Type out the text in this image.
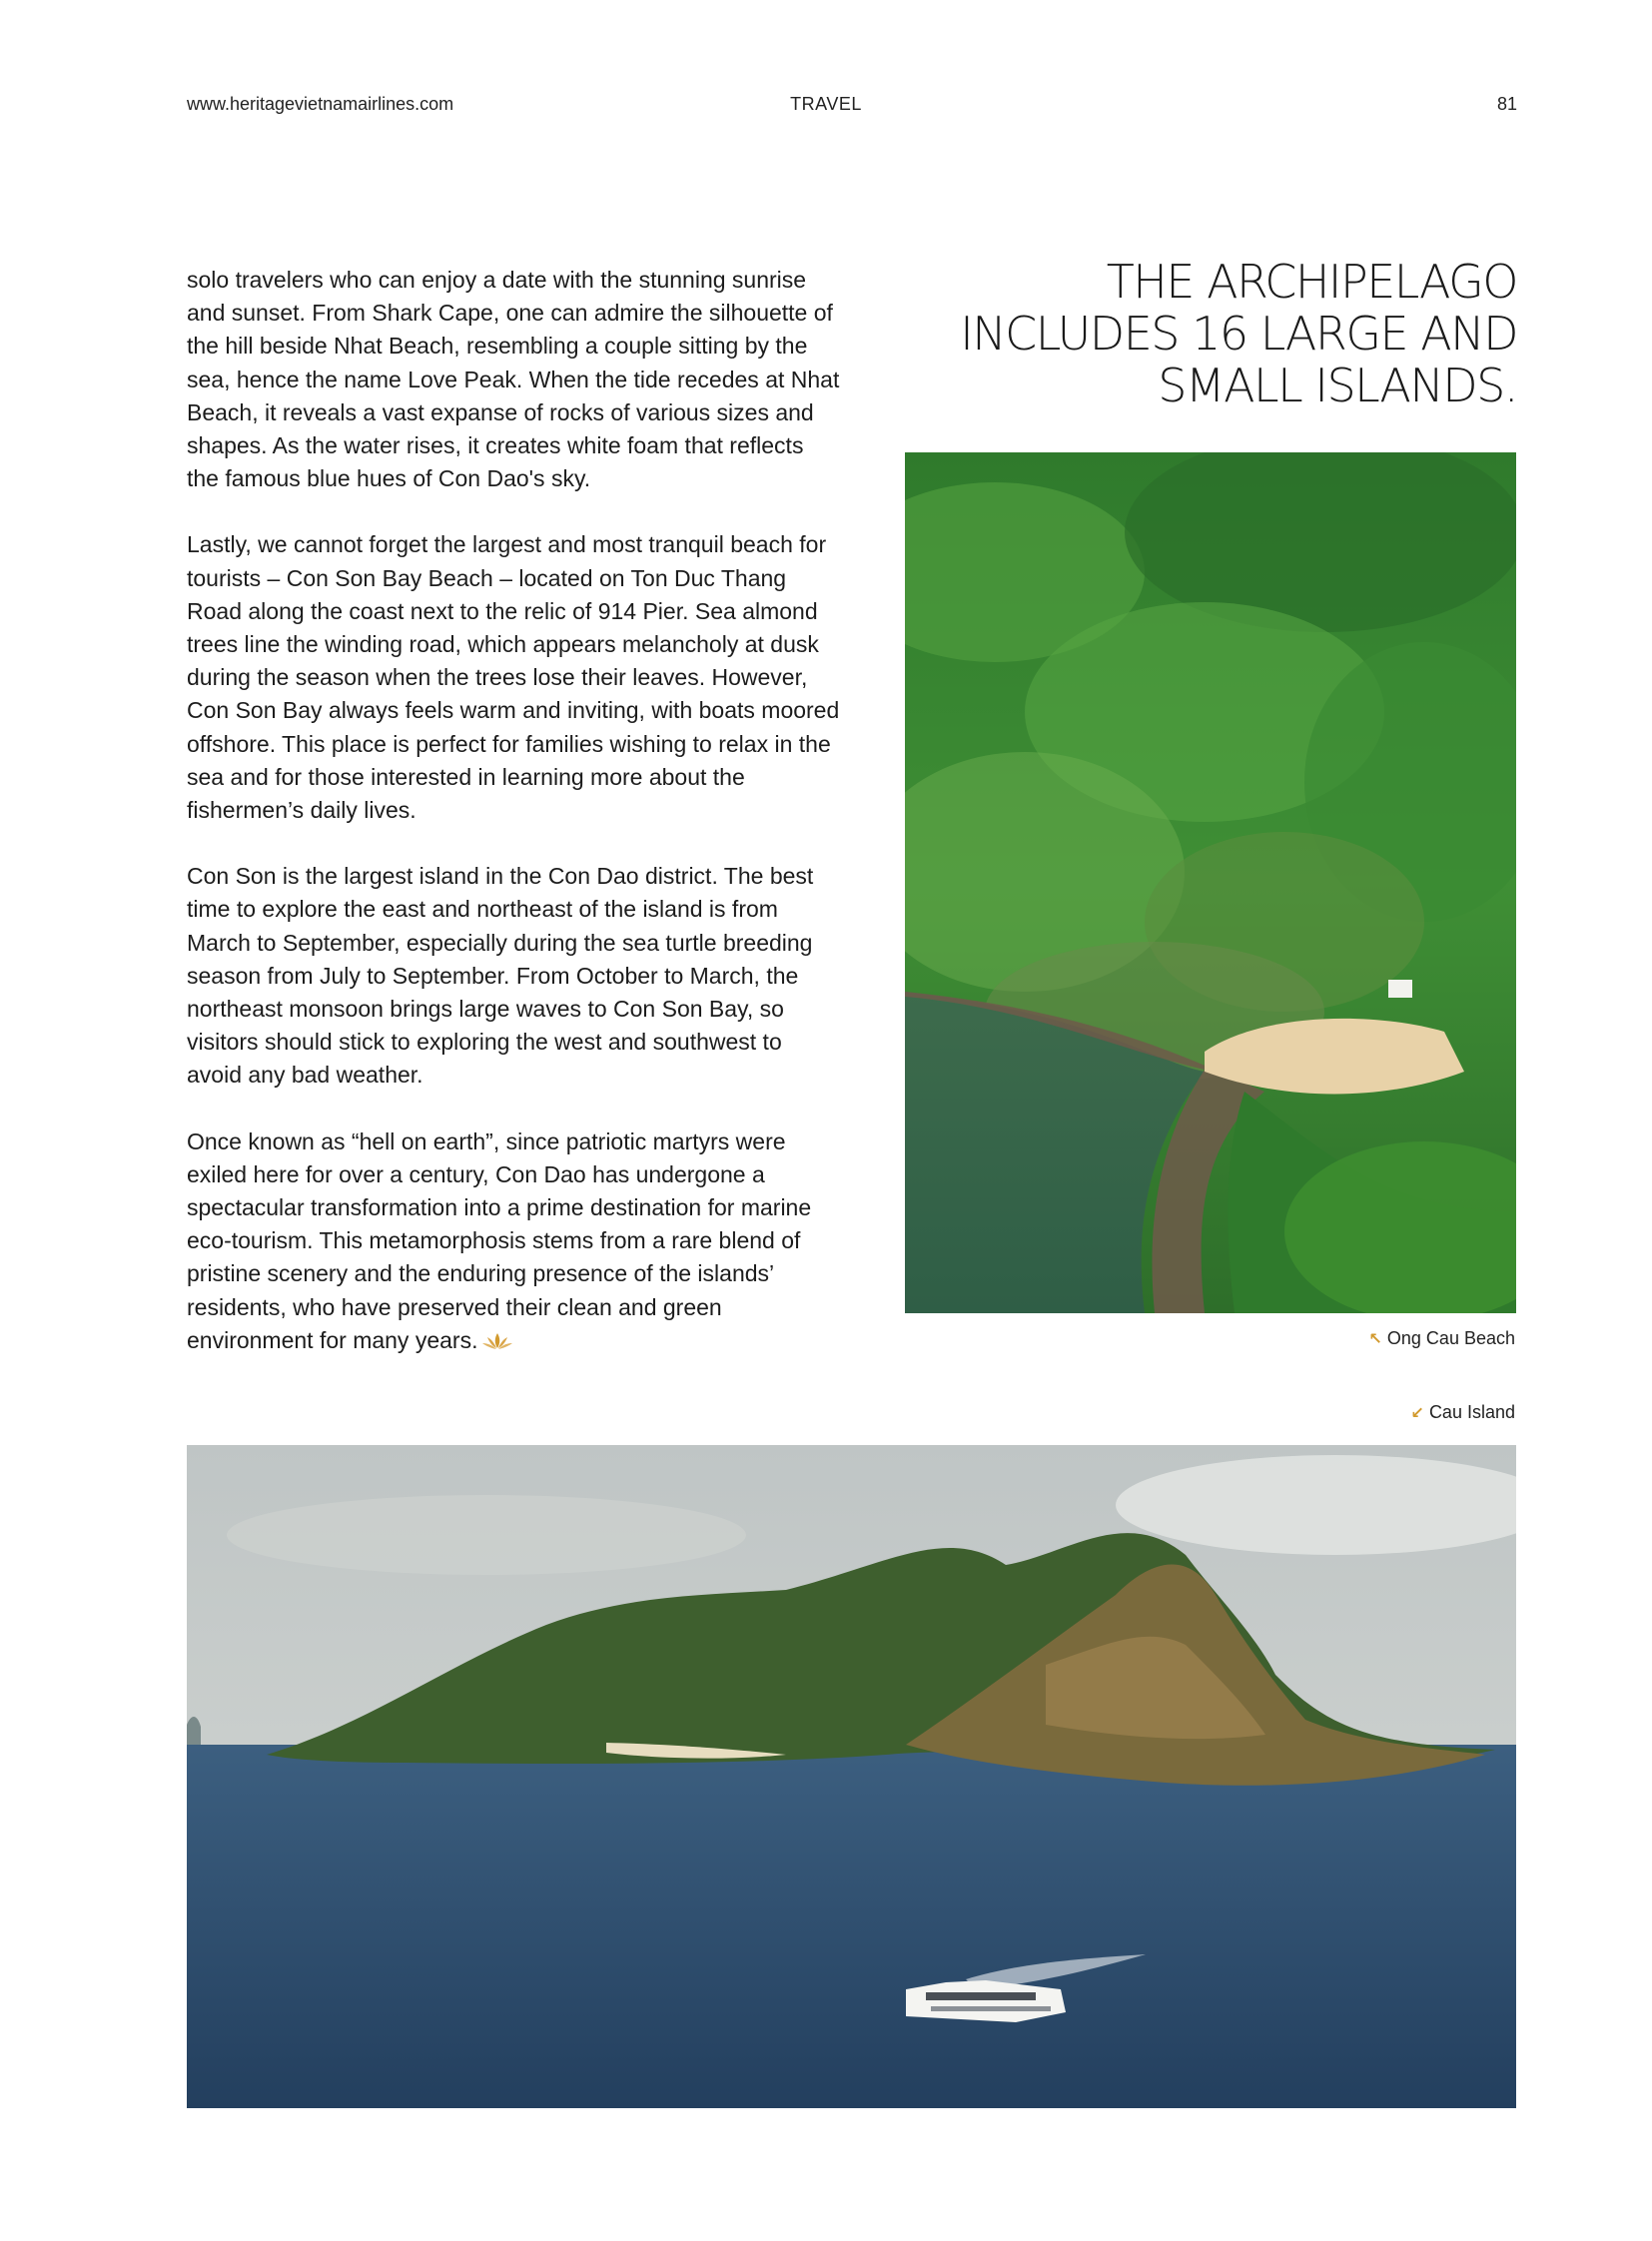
www.heritagevietnamairlines.com	TRAVEL	81

solo travelers who can enjoy a date with the stunning sunrise and sunset. From Shark Cape, one can admire the silhouette of the hill beside Nhat Beach, resembling a couple sitting by the sea, hence the name Love Peak. When the tide recedes at Nhat Beach, it reveals a vast expanse of rocks of various sizes and shapes. As the water rises, it creates white foam that reflects the famous blue hues of Con Dao's sky.

Lastly, we cannot forget the largest and most tranquil beach for tourists – Con Son Bay Beach – located on Ton Duc Thang Road along the coast next to the relic of 914 Pier. Sea almond trees line the winding road, which appears melancholy at dusk during the season when the trees lose their leaves. However, Con Son Bay always feels warm and inviting, with boats moored offshore. This place is perfect for families wishing to relax in the sea and for those interested in learning more about the fishermen’s daily lives.

Con Son is the largest island in the Con Dao district. The best time to explore the east and northeast of the island is from March to September, especially during the sea turtle breeding season from July to September. From October to March, the northeast monsoon brings large waves to Con Son Bay, so visitors should stick to exploring the west and southwest to avoid any bad weather.

Once known as “hell on earth”, since patriotic martyrs were exiled here for over a century, Con Dao has undergone a spectacular transformation into a prime destination for marine eco-tourism. This metamorphosis stems from a rare blend of pristine scenery and the enduring presence of the islands’ residents, who have preserved their clean and green environment for many years.

THE ARCHIPELAGO INCLUDES 16 LARGE AND SMALL ISLANDS.

↖ Ong Cau Beach
↙ Cau Island
